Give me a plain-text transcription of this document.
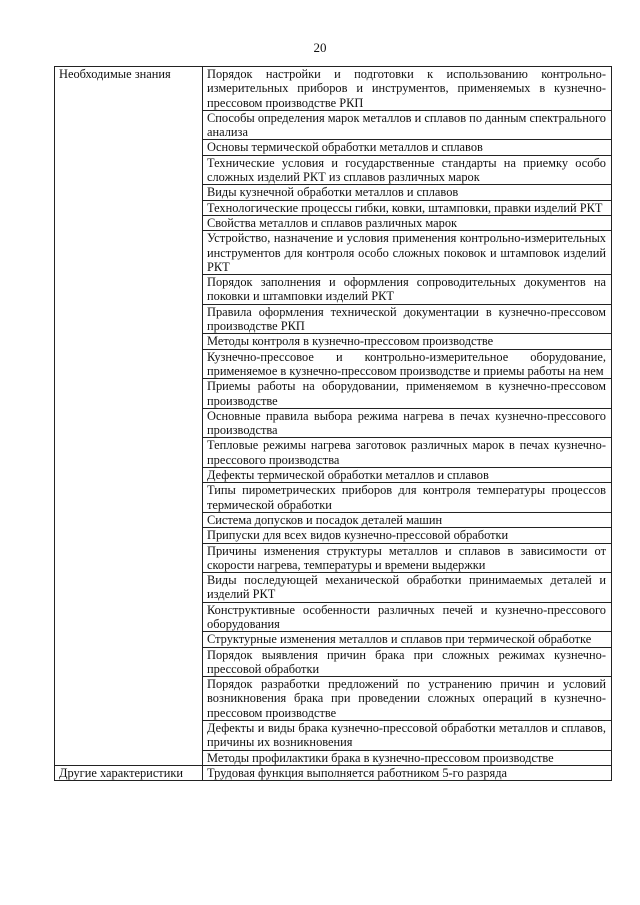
20
Необходимые знания	Порядок настройки и подготовки к использованию контрольно-измерительных приборов и инструментов, применяемых в кузнечно-прессовом производстве РКП
	Способы определения марок металлов и сплавов по данным спектрального анализа
	Основы термической обработки металлов и сплавов
	Технические условия и государственные стандарты на приемку особо сложных изделий РКТ из сплавов различных марок
	Виды кузнечной обработки металлов и сплавов
	Технологические процессы гибки, ковки, штамповки, правки изделий РКТ
	Свойства металлов и сплавов различных марок
	Устройство, назначение и условия применения контрольно-измерительных инструментов для контроля особо сложных поковок и штамповок изделий РКТ
	Порядок заполнения и оформления сопроводительных документов на поковки и штамповки изделий РКТ
	Правила оформления технической документации в кузнечно-прессовом производстве РКП
	Методы контроля в кузнечно-прессовом производстве
	Кузнечно-прессовое и контрольно-измерительное оборудование, применяемое в кузнечно-прессовом производстве и приемы работы на нем
	Приемы работы на оборудовании, применяемом в кузнечно-прессовом производстве
	Основные правила выбора режима нагрева в печах кузнечно-прессового производства
	Тепловые режимы нагрева заготовок различных марок в печах кузнечно-прессового производства
	Дефекты термической обработки металлов и сплавов
	Типы пирометрических приборов для контроля температуры процессов термической обработки
	Система допусков и посадок деталей машин
	Припуски для всех видов кузнечно-прессовой обработки
	Причины изменения структуры металлов и сплавов в зависимости от скорости нагрева, температуры и времени выдержки
	Виды последующей механической обработки принимаемых деталей и изделий РКТ
	Конструктивные особенности различных печей и кузнечно-прессового оборудования
	Структурные изменения металлов и сплавов при термической обработке
	Порядок выявления причин брака при сложных режимах кузнечно-прессовой обработки
	Порядок разработки предложений по устранению причин и условий возникновения брака при проведении сложных операций в кузнечно-прессовом производстве
	Дефекты и виды брака кузнечно-прессовой обработки металлов и сплавов, причины их возникновения
	Методы профилактики брака в кузнечно-прессовом производстве
Другие характеристики	Трудовая функция выполняется работником 5-го разряда
